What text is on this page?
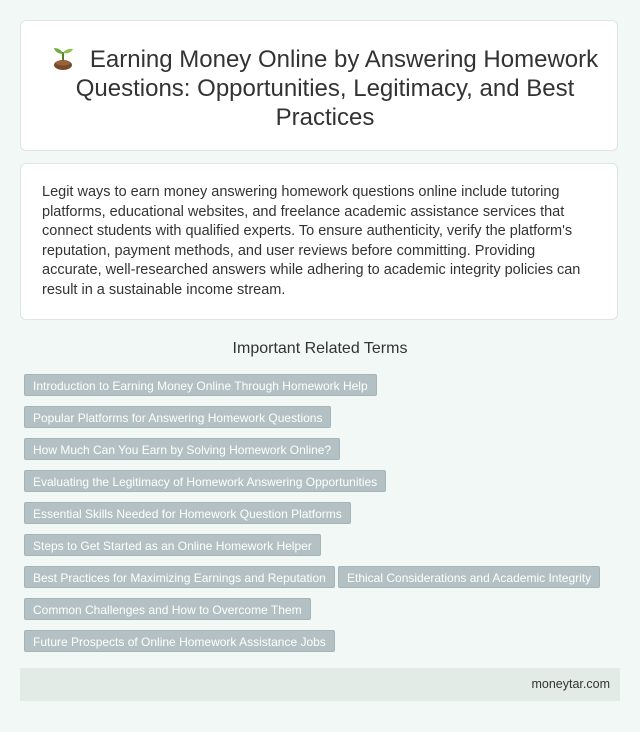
Earning Money Online by Answering Homework Questions: Opportunities, Legitimacy, and Best Practices

Legit ways to earn money answering homework questions online include tutoring platforms, educational websites, and freelance academic assistance services that connect students with qualified experts. To ensure authenticity, verify the platform's reputation, payment methods, and user reviews before committing. Providing accurate, well-researched answers while adhering to academic integrity policies can result in a sustainable income stream.

Important Related Terms
Introduction to Earning Money Online Through Homework Help
Popular Platforms for Answering Homework Questions
How Much Can You Earn by Solving Homework Online?
Evaluating the Legitimacy of Homework Answering Opportunities
Essential Skills Needed for Homework Question Platforms
Steps to Get Started as an Online Homework Helper
Best Practices for Maximizing Earnings and Reputation	Ethical Considerations and Academic Integrity
Common Challenges and How to Overcome Them
Future Prospects of Online Homework Assistance Jobs
moneytar.com
